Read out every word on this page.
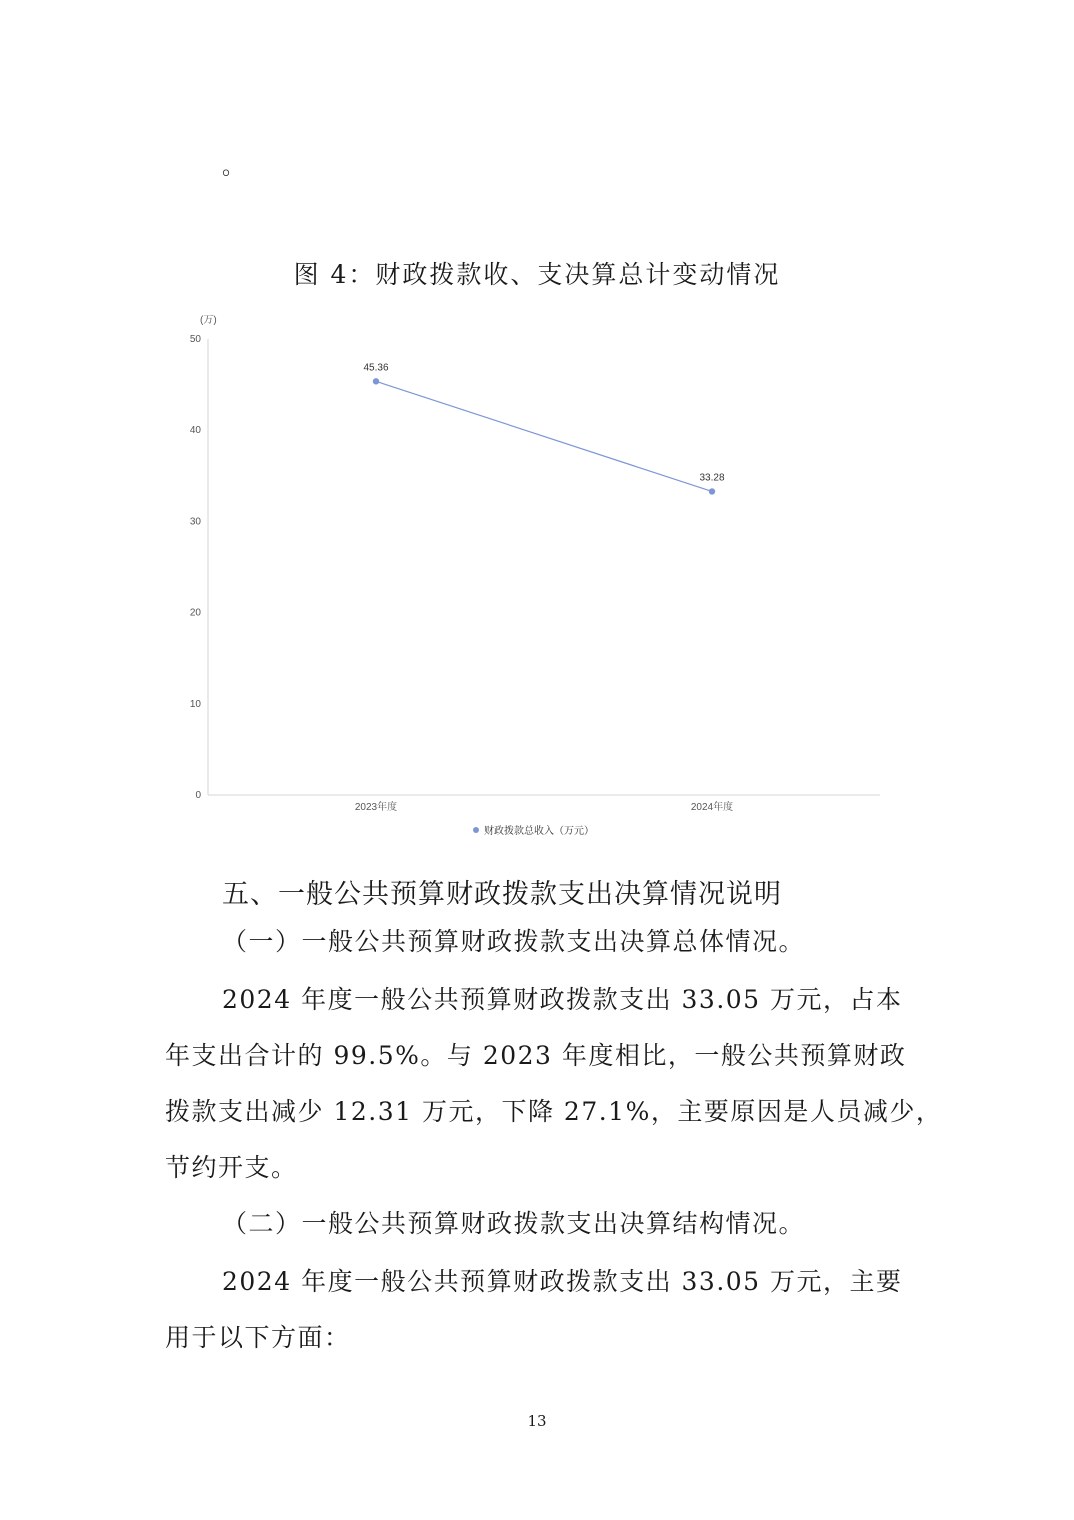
。
图 4：财政拨款收、支决算总计变动情况
0
10
20
30
40
50
2023年度	2024年度
(万)
45.36
33.28
财政拨款总收入（万元）
五、一般公共预算财政拨款支出决算情况说明
（一）一般公共预算财政拨款支出决算总体情况。
2024 年度一般公共预算财政拨款支出 33.05 万元，占本
年支出合计的 99.5%。与 2023 年度相比，一般公共预算财政
拨款支出减少 12.31 万元，下降 27.1%，主要原因是人员减少，
节约开支。
（二）一般公共预算财政拨款支出决算结构情况。
2024 年度一般公共预算财政拨款支出 33.05 万元，主要
用于以下方面：
13
